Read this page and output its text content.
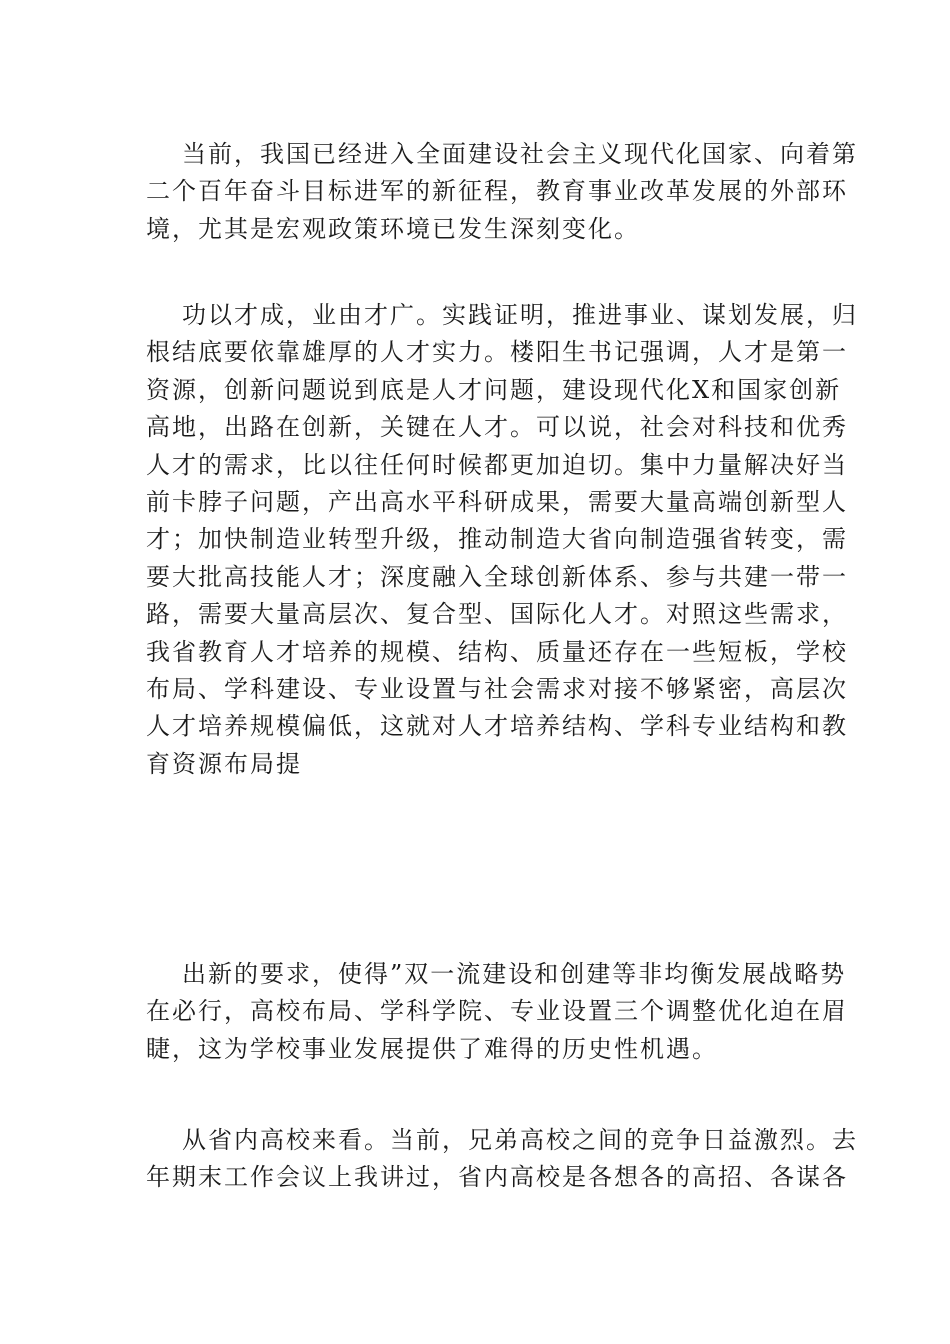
当前，我国已经进入全面建设社会主义现代化国家、向着第
二个百年奋斗目标进军的新征程，教育事业改革发展的外部环
境，尤其是宏观政策环境已发生深刻变化。
功以才成，业由才广。实践证明，推进事业、谋划发展，归
根结底要依靠雄厚的人才实力。楼阳生书记强调，人才是第一
资源，创新问题说到底是人才问题，建设现代化X和国家创新
高地，出路在创新，关键在人才。可以说，社会对科技和优秀
人才的需求，比以往任何时候都更加迫切。集中力量解决好当
前卡脖子问题，产出高水平科研成果，需要大量高端创新型人
才；加快制造业转型升级，推动制造大省向制造强省转变，需
要大批高技能人才；深度融入全球创新体系、参与共建一带一
路，需要大量高层次、复合型、国际化人才。对照这些需求，
我省教育人才培养的规模、结构、质量还存在一些短板，学校
布局、学科建设、专业设置与社会需求对接不够紧密，高层次
人才培养规模偏低，这就对人才培养结构、学科专业结构和教
育资源布局提
出新的要求，使得”双一流建设和创建等非均衡发展战略势
在必行，高校布局、学科学院、专业设置三个调整优化迫在眉
睫，这为学校事业发展提供了难得的历史性机遇。
从省内高校来看。当前，兄弟高校之间的竞争日益激烈。去
年期末工作会议上我讲过，省内高校是各想各的高招、各谋各
